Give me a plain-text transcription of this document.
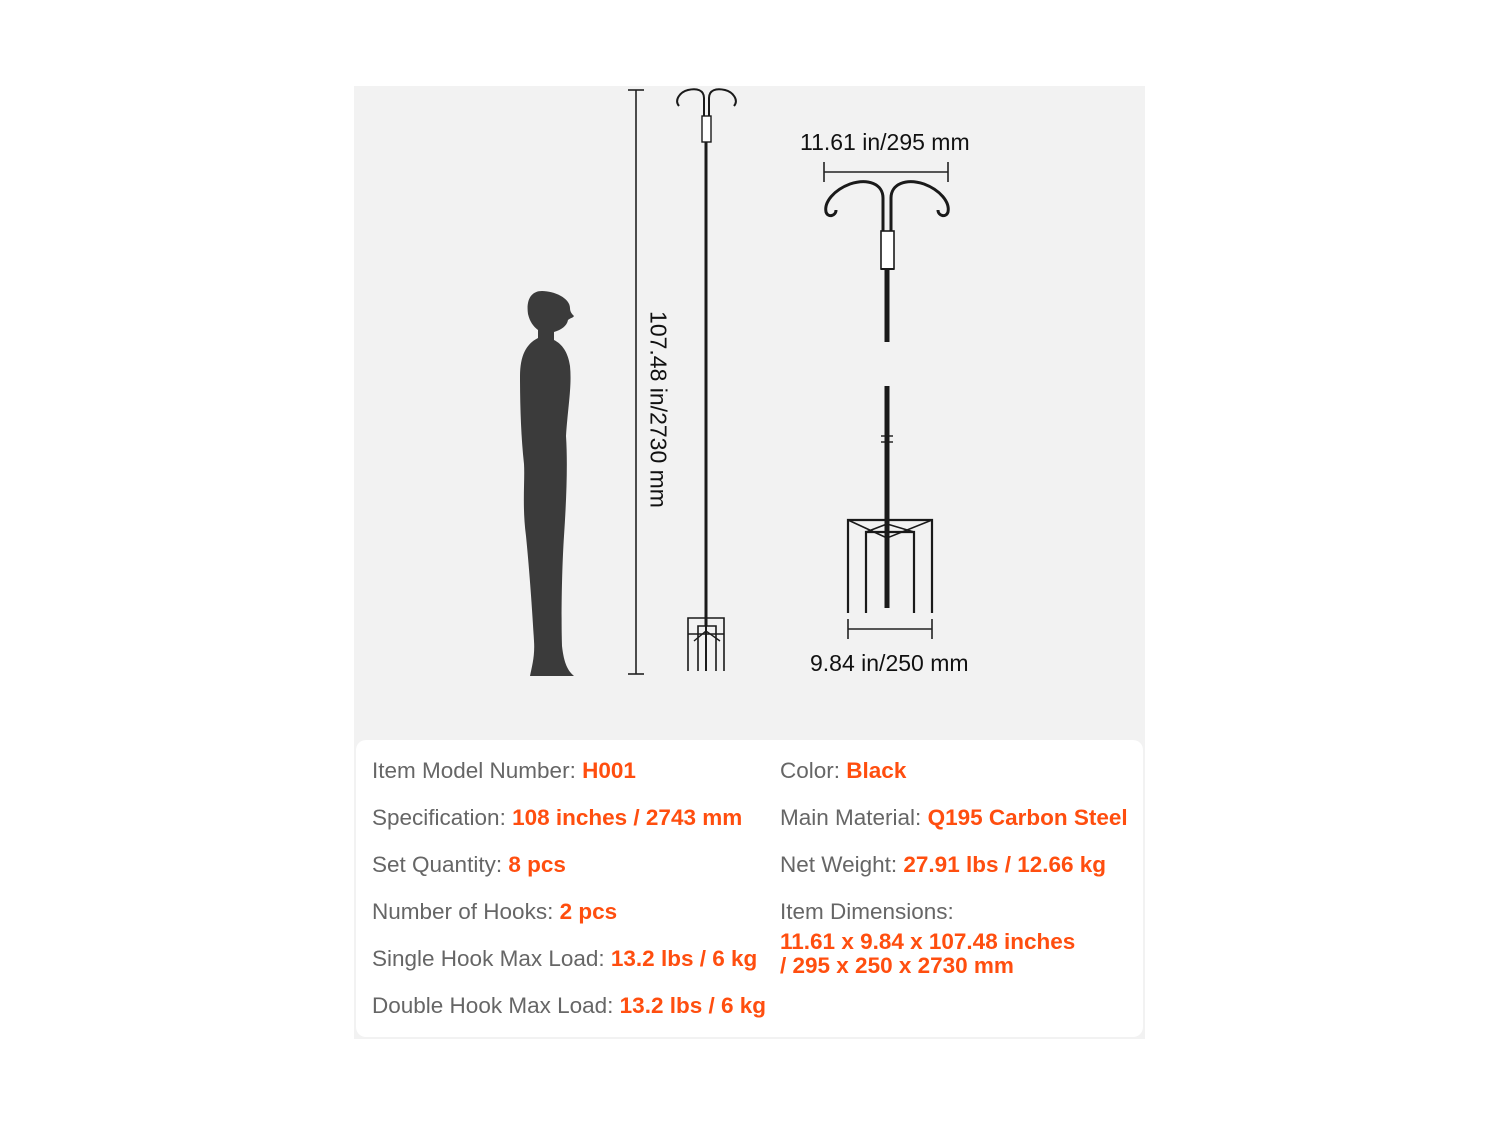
107.48 in/2730 mm
11.61 in/295 mm
9.84 in/250 mm
Item Model Number: H001
Specification: 108 inches / 2743 mm
Set Quantity: 8 pcs
Number of Hooks: 2 pcs
Single Hook Max Load: 13.2 lbs / 6 kg
Double Hook Max Load: 13.2 lbs / 6 kg
Color: Black
Main Material: Q195 Carbon Steel
Net Weight: 27.91 lbs / 12.66 kg
Item Dimensions:
11.61 x 9.84 x 107.48 inches
/ 295 x 250 x 2730 mm
